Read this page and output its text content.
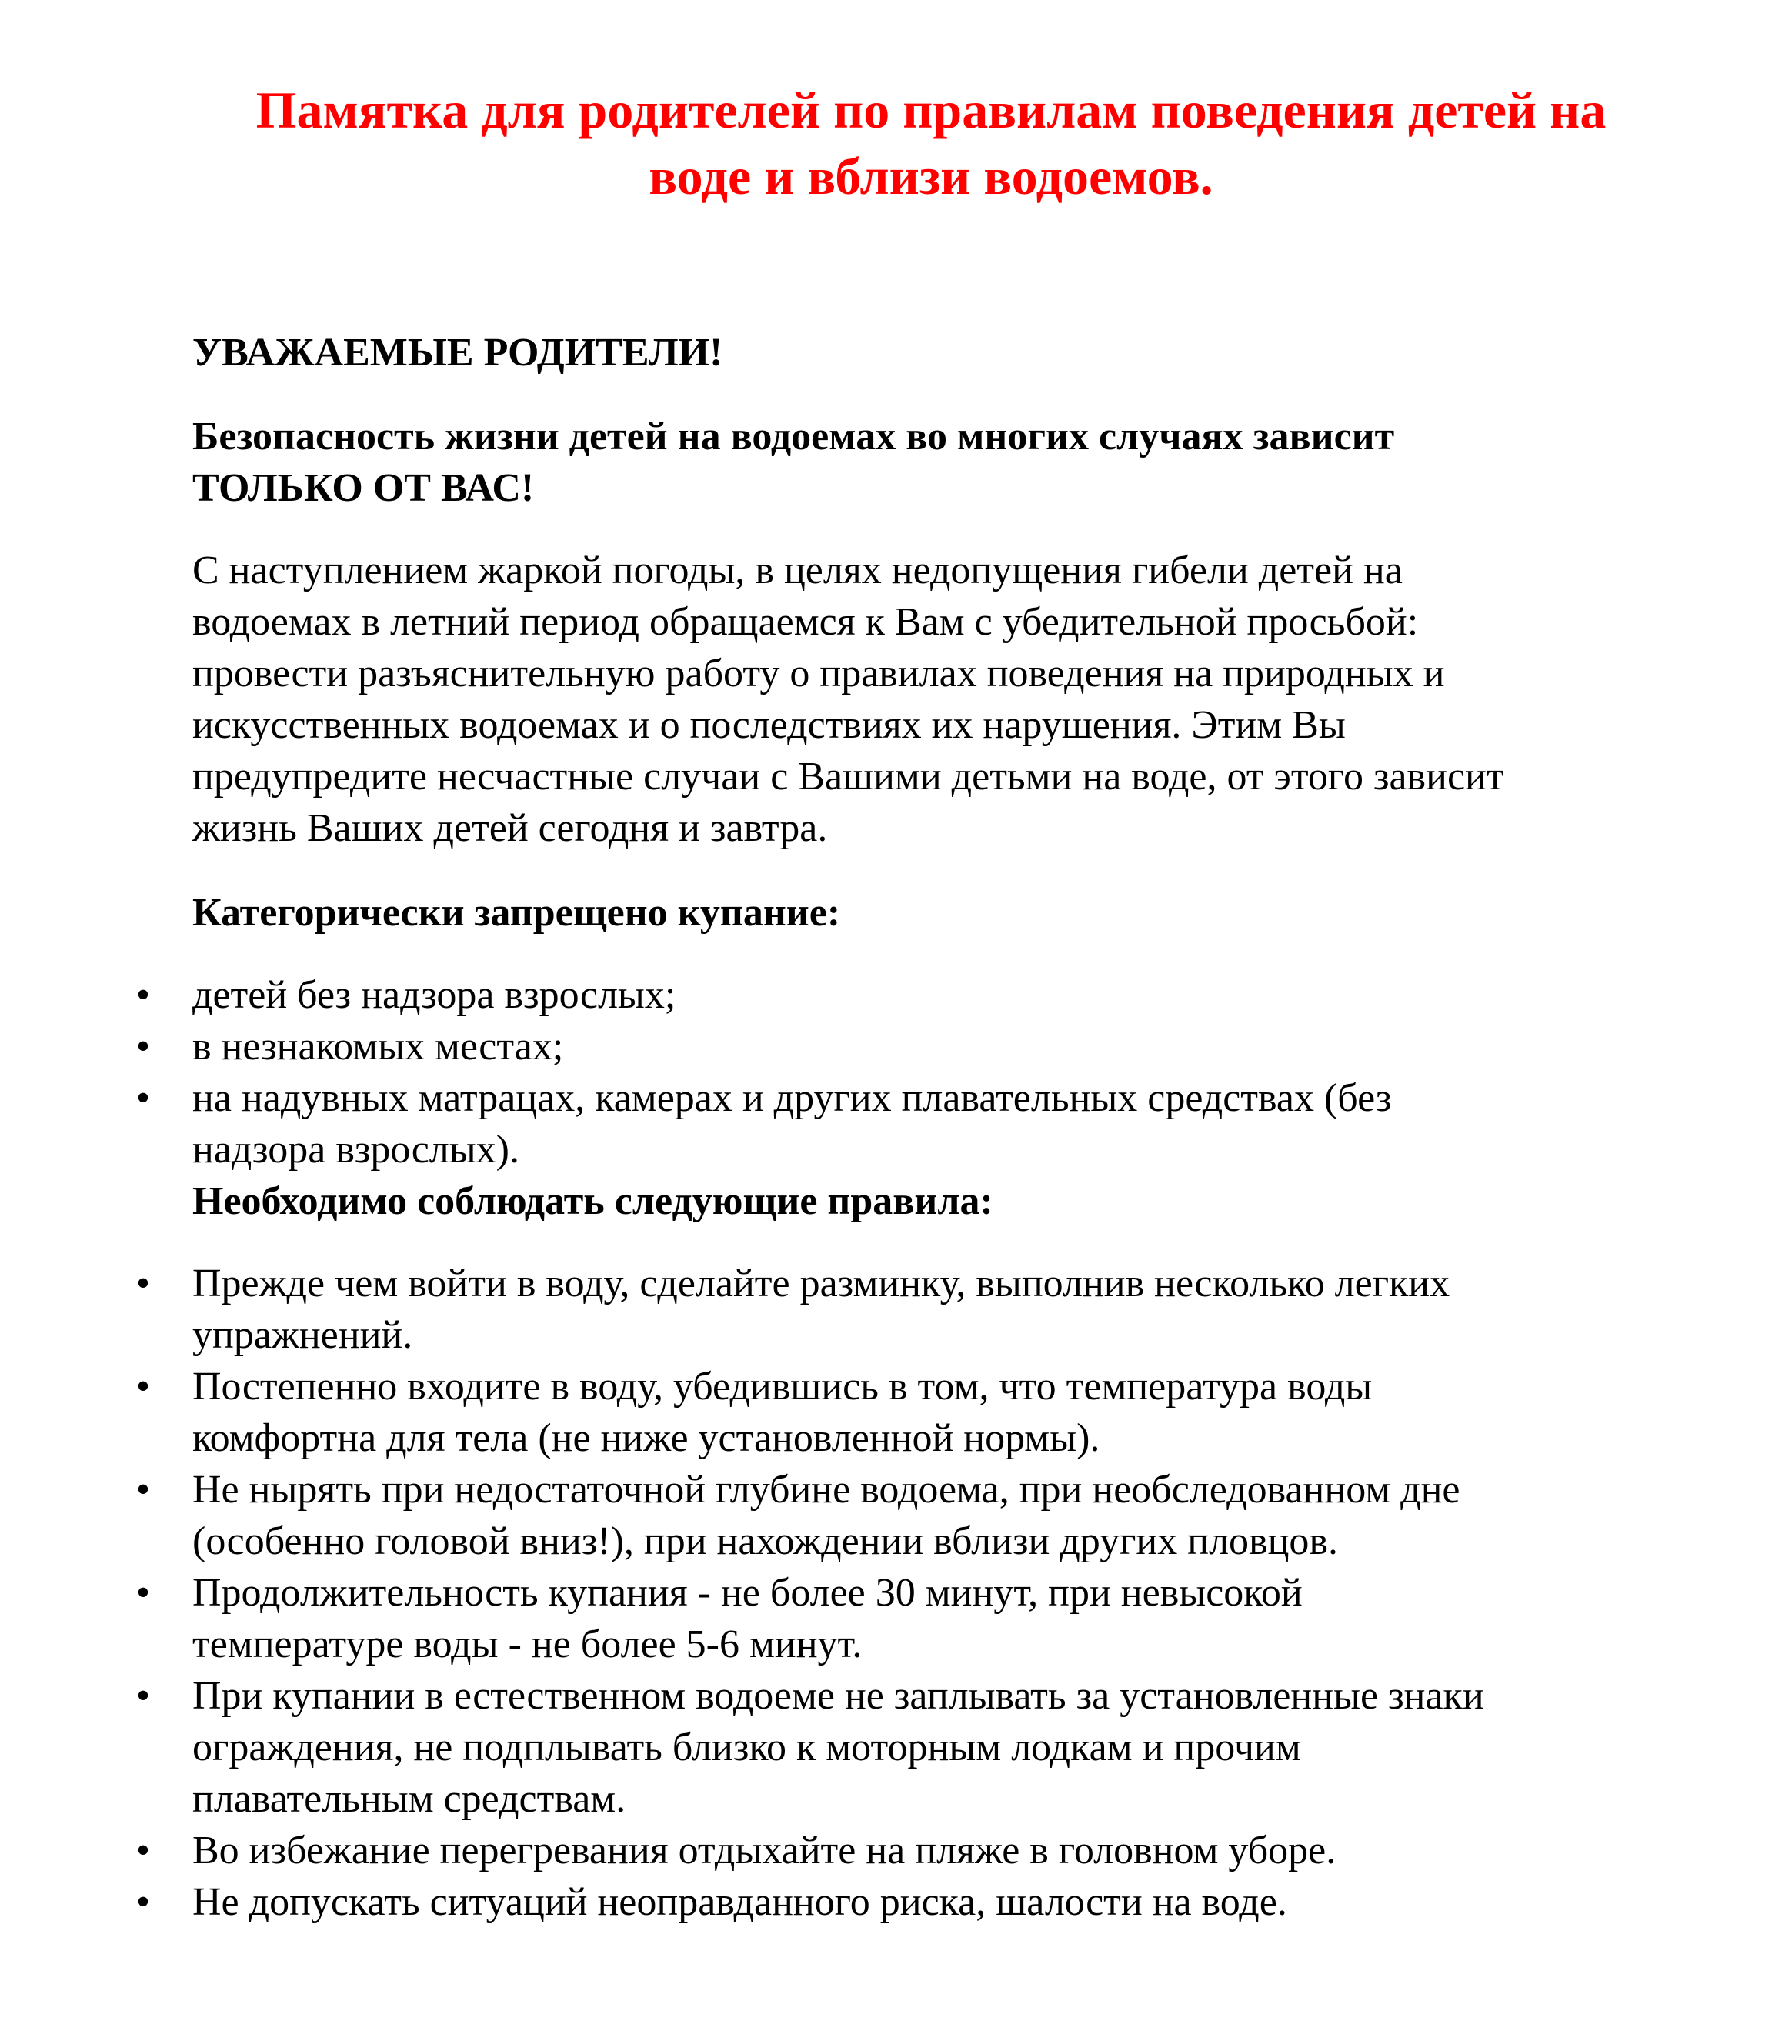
Памятка для родителей по правилам поведения детей на
воде и вблизи водоемов.

УВАЖАЕМЫЕ РОДИТЕЛИ!

Безопасность жизни детей на водоемах во многих случаях зависит
ТОЛЬКО ОТ ВАС!

С наступлением жаркой погоды, в целях недопущения гибели детей на
водоемах в летний период обращаемся к Вам с убедительной просьбой:
провести разъяснительную работу о правилах поведения на природных и
искусственных водоемах и о последствиях их нарушения. Этим Вы
предупредите несчастные случаи с Вашими детьми на воде, от этого зависит
жизнь Ваших детей сегодня и завтра.

Категорически запрещено купание:

• детей без надзора взрослых;
• в незнакомых местах;
• на надувных матрацах, камерах и других плавательных средствах (без
надзора взрослых).

Необходимо соблюдать следующие правила:

• Прежде чем войти в воду, сделайте разминку, выполнив несколько легких
упражнений.
• Постепенно входите в воду, убедившись в том, что температура воды
комфортна для тела (не ниже установленной нормы).
• Не нырять при недостаточной глубине водоема, при необследованном дне
(особенно головой вниз!), при нахождении вблизи других пловцов.
• Продолжительность купания - не более 30 минут, при невысокой
температуре воды - не более 5-6 минут.
• При купании в естественном водоеме не заплывать за установленные знаки
ограждения, не подплывать близко к моторным лодкам и прочим
плавательным средствам.
• Во избежание перегревания отдыхайте на пляже в головном уборе.
• Не допускать ситуаций неоправданного риска, шалости на воде.
